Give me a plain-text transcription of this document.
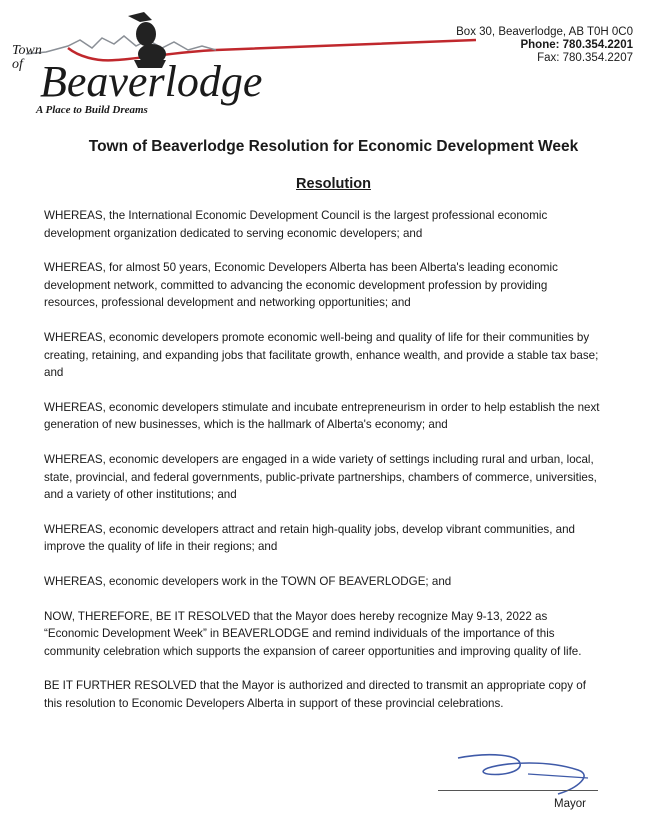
Town
of Beaverlodge
A Place to Build Dreams
Box 30, Beaverlodge, AB T0H 0C0
Phone: 780.354.2201
Fax: 780.354.2207
Town of Beaverlodge Resolution for Economic Development Week
Resolution

WHEREAS, the International Economic Development Council is the largest professional economic development organization dedicated to serving economic developers; and

WHEREAS, for almost 50 years, Economic Developers Alberta has been Alberta's leading economic development network, committed to advancing the economic development profession by providing resources, professional development and networking opportunities; and

WHEREAS, economic developers promote economic well-being and quality of life for their communities by creating, retaining, and expanding jobs that facilitate growth, enhance wealth, and provide a stable tax base; and

WHEREAS, economic developers stimulate and incubate entrepreneurism in order to help establish the next generation of new businesses, which is the hallmark of Alberta's economy; and

WHEREAS, economic developers are engaged in a wide variety of settings including rural and urban, local, state, provincial, and federal governments, public-private partnerships, chambers of commerce, universities, and a variety of other institutions; and

WHEREAS, economic developers attract and retain high-quality jobs, develop vibrant communities, and improve the quality of life in their regions; and

WHEREAS, economic developers work in the TOWN OF BEAVERLODGE; and

NOW, THEREFORE, BE IT RESOLVED that the Mayor does hereby recognize May 9-13, 2022 as “Economic Development Week” in BEAVERLODGE and remind individuals of the importance of this community celebration which supports the expansion of career opportunities and improving quality of life.

BE IT FURTHER RESOLVED that the Mayor is authorized and directed to transmit an appropriate copy of this resolution to Economic Developers Alberta in support of these provincial celebrations.

Mayor
